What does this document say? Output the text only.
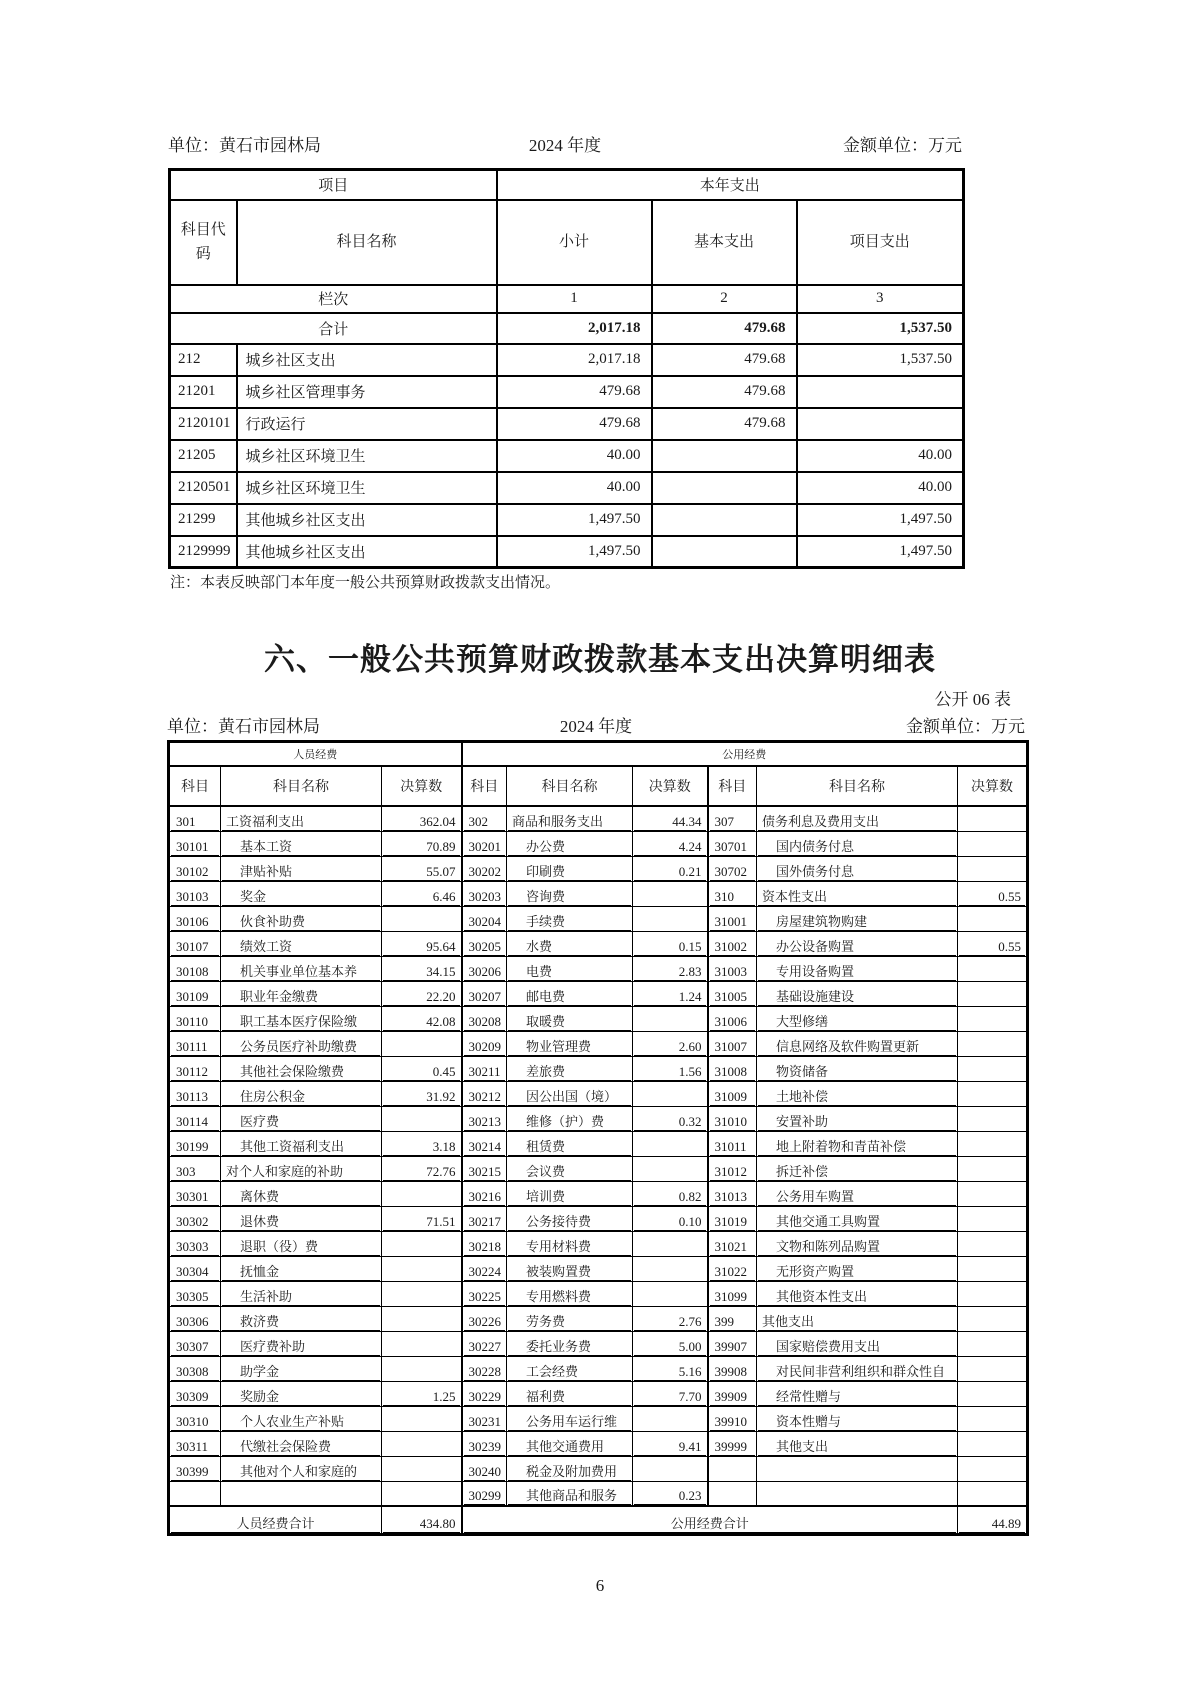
单位：黄石市园林局	2024 年度	金额单位：万元
项目		本年支出		
科目代码	科目名称	小计	基本支出	项目支出
栏次		1	2	3
合计		2,017.18	479.68	1,537.50
212	城乡社区支出	2,017.18	479.68	1,537.50
21201	城乡社区管理事务	479.68	479.68	
2120101	行政运行	479.68	479.68	
21205	城乡社区环境卫生	40.00		40.00
2120501	城乡社区环境卫生	40.00		40.00
21299	其他城乡社区支出	1,497.50		1,497.50
2129999	其他城乡社区支出	1,497.50		1,497.50
注：本表反映部门本年度一般公共预算财政拨款支出情况。
六、一般公共预算财政拨款基本支出决算明细表
公开 06 表
单位：黄石市园林局	2024 年度	金额单位：万元
人员经费			公用经费					
科目	科目名称	决算数	科目	科目名称	决算数	科目	科目名称	决算数

301	工资福利支出	362.04	302	商品和服务支出	44.34	307	债务利息及费用支出	

30101	基本工资	70.89	30201	办公费	4.24	30701	国内债务付息	

30102	津贴补贴	55.07	30202	印刷费	0.21	30702	国外债务付息	

30103	奖金	6.46	30203	咨询费		310	资本性支出	0.55

30106	伙食补助费		30204	手续费		31001	房屋建筑物购建	

30107	绩效工资	95.64	30205	水费	0.15	31002	办公设备购置	0.55

30108	机关事业单位基本养	34.15	30206	电费	2.83	31003	专用设备购置	

30109	职业年金缴费	22.20	30207	邮电费	1.24	31005	基础设施建设	

30110	职工基本医疗保险缴	42.08	30208	取暖费		31006	大型修缮	

30111	公务员医疗补助缴费		30209	物业管理费	2.60	31007	信息网络及软件购置更新	

30112	其他社会保险缴费	0.45	30211	差旅费	1.56	31008	物资储备	

30113	住房公积金	31.92	30212	因公出国（境）		31009	土地补偿	

30114	医疗费		30213	维修（护）费	0.32	31010	安置补助	

30199	其他工资福利支出	3.18	30214	租赁费		31011	地上附着物和青苗补偿	

303	对个人和家庭的补助	72.76	30215	会议费		31012	拆迁补偿	

30301	离休费		30216	培训费	0.82	31013	公务用车购置	

30302	退休费	71.51	30217	公务接待费	0.10	31019	其他交通工具购置	

30303	退职（役）费		30218	专用材料费		31021	文物和陈列品购置	

30304	抚恤金		30224	被装购置费		31022	无形资产购置	

30305	生活补助		30225	专用燃料费		31099	其他资本性支出	

30306	救济费		30226	劳务费	2.76	399	其他支出	

30307	医疗费补助		30227	委托业务费	5.00	39907	国家赔偿费用支出	

30308	助学金		30228	工会经费	5.16	39908	对民间非营利组织和群众性自	

30309	奖励金	1.25	30229	福利费	7.70	39909	经常性赠与	

30310	个人农业生产补贴		30231	公务用车运行维		39910	资本性赠与	

30311	代缴社会保险费		30239	其他交通费用	9.41	39999	其他支出	

30399	其他对个人和家庭的		30240	税金及附加费用				

			30299	其他商品和服务	0.23			

人员经费合计		434.80	公用经费合计					44.89
6
